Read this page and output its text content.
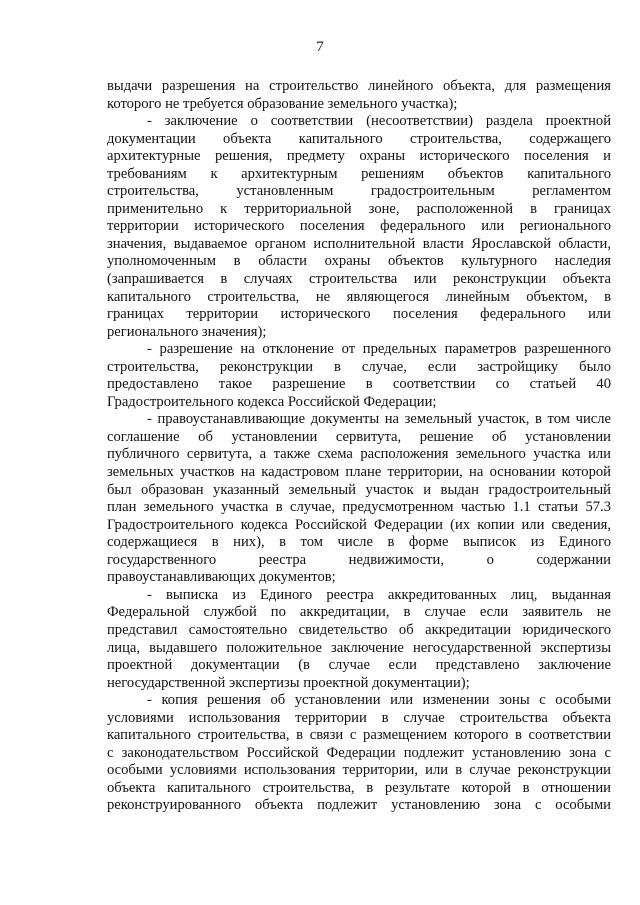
7
выдачи разрешения на строительство линейного объекта, для размещения
которого не требуется образование земельного участка);
- заключение о соответствии (несоответствии) раздела проектной
документации объекта капитального строительства, содержащего
архитектурные решения, предмету охраны исторического поселения и
требованиям к архитектурным решениям объектов капитального
строительства, установленным градостроительным регламентом
применительно к территориальной зоне, расположенной в границах
территории исторического поселения федерального или регионального
значения, выдаваемое органом исполнительной власти Ярославской области,
уполномоченным в области охраны объектов культурного наследия
(запрашивается в случаях строительства или реконструкции объекта
капитального строительства, не являющегося линейным объектом, в
границах территории исторического поселения федерального или
регионального значения);
- разрешение на отклонение от предельных параметров разрешенного
строительства, реконструкции в случае, если застройщику было
предоставлено такое разрешение в соответствии со статьей 40
Градостроительного кодекса Российской Федерации;
- правоустанавливающие документы на земельный участок, в том числе
соглашение об установлении сервитута, решение об установлении
публичного сервитута, а также схема расположения земельного участка или
земельных участков на кадастровом плане территории, на основании которой
был образован указанный земельный участок и выдан градостроительный
план земельного участка в случае, предусмотренном частью 1.1 статьи 57.3
Градостроительного кодекса Российской Федерации (их копии или сведения,
содержащиеся в них), в том числе в форме выписок из Единого
государственного реестра недвижимости, о содержании
правоустанавливающих документов;
- выписка из Единого реестра аккредитованных лиц, выданная
Федеральной службой по аккредитации, в случае если заявитель не
представил самостоятельно свидетельство об аккредитации юридического
лица, выдавшего положительное заключение негосударственной экспертизы
проектной документации (в случае если представлено заключение
негосударственной экспертизы проектной документации);
- копия решения об установлении или изменении зоны с особыми
условиями использования территории в случае строительства объекта
капитального строительства, в связи с размещением которого в соответствии
с законодательством Российской Федерации подлежит установлению зона с
особыми условиями использования территории, или в случае реконструкции
объекта капитального строительства, в результате которой в отношении
реконструированного объекта подлежит установлению зона с особыми
